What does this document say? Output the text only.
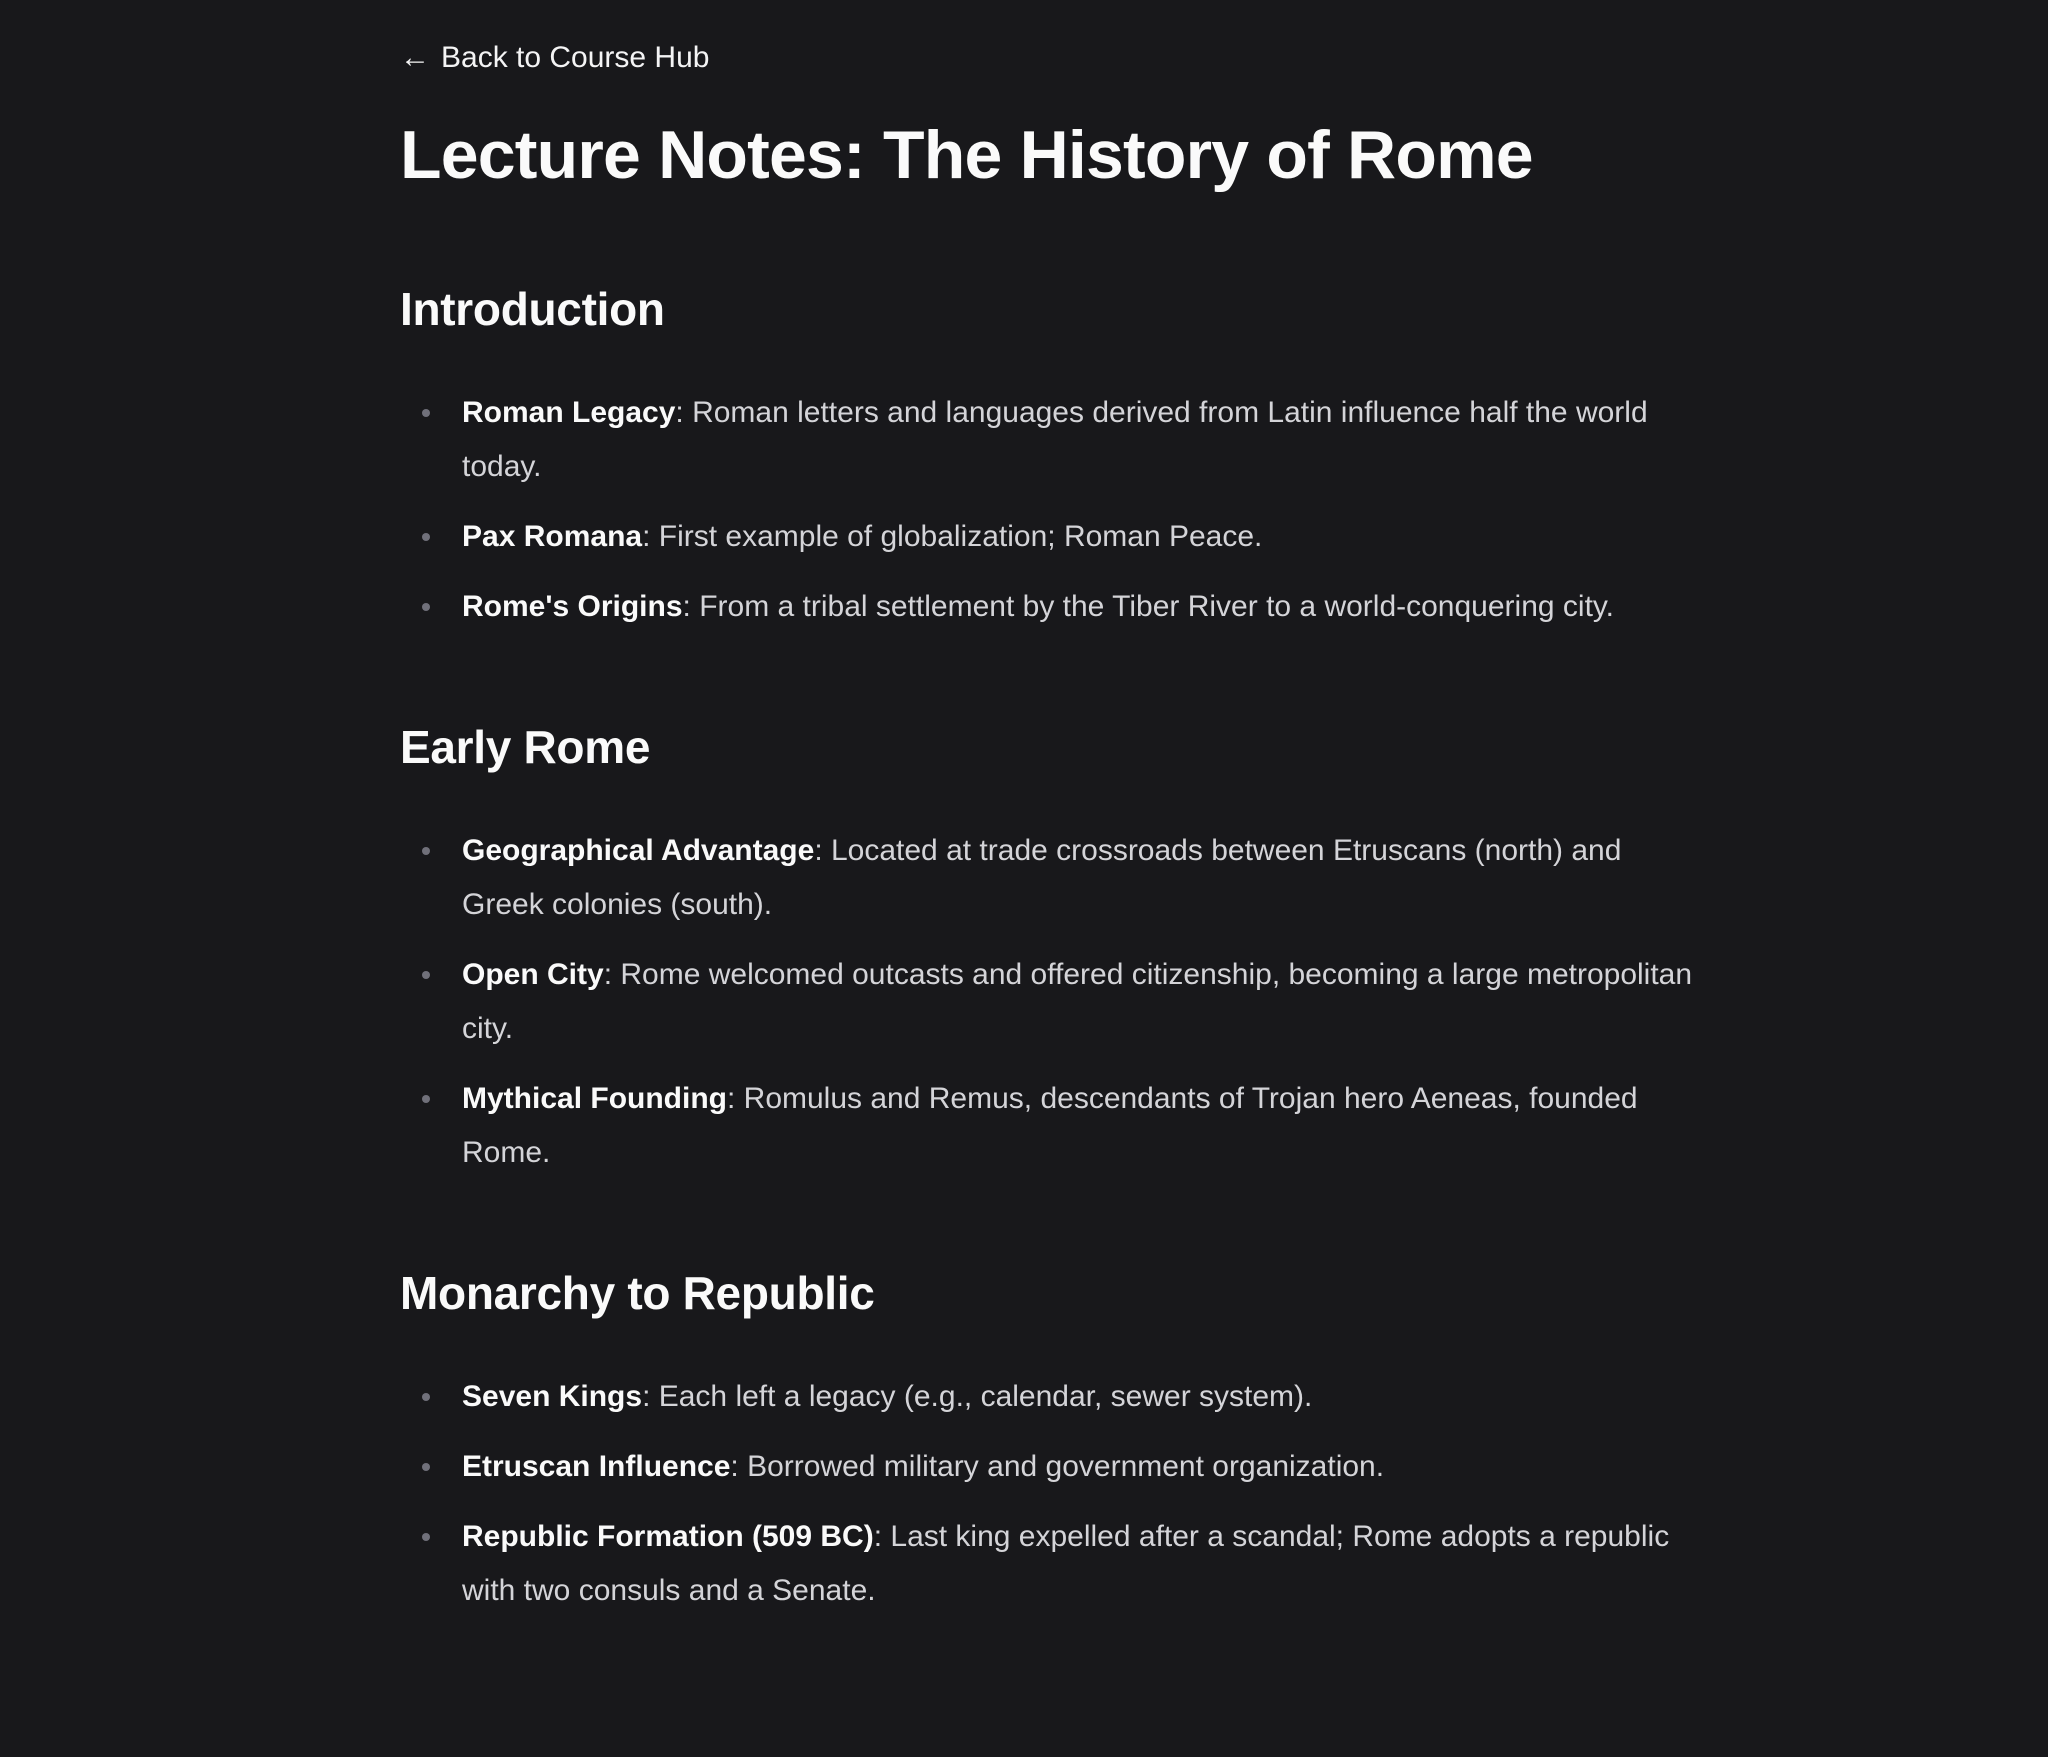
← Back to Course Hub
Lecture Notes: The History of Rome
Introduction
Roman Legacy: Roman letters and languages derived from Latin influence half the world today.
Pax Romana: First example of globalization; Roman Peace.
Rome's Origins: From a tribal settlement by the Tiber River to a world-conquering city.
Early Rome
Geographical Advantage: Located at trade crossroads between Etruscans (north) and Greek colonies (south).
Open City: Rome welcomed outcasts and offered citizenship, becoming a large metropolitan city.
Mythical Founding: Romulus and Remus, descendants of Trojan hero Aeneas, founded Rome.
Monarchy to Republic
Seven Kings: Each left a legacy (e.g., calendar, sewer system).
Etruscan Influence: Borrowed military and government organization.
Republic Formation (509 BC): Last king expelled after a scandal; Rome adopts a republic with two consuls and a Senate.
